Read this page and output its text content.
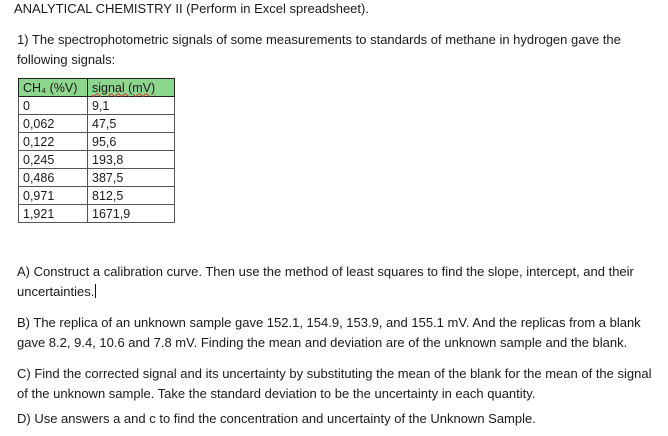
ANALYTICAL CHEMISTRY II (Perform in Excel spreadsheet).
1) The spectrophotometric signals of some measurements to standards of methane in hydrogen gave the following signals:
CH₄ (%V)	signal (mV)
0	9,1
0,062	47,5
0,122	95,6
0,245	193,8
0,486	387,5
0,971	812,5
1,921	1671,9
A) Construct a calibration curve. Then use the method of least squares to find the slope, intercept, and their uncertainties.
B) The replica of an unknown sample gave 152.1, 154.9, 153.9, and 155.1 mV. And the replicas from a blank gave 8.2, 9.4, 10.6 and 7.8 mV. Finding the mean and deviation are of the unknown sample and the blank.
C) Find the corrected signal and its uncertainty by substituting the mean of the blank for the mean of the signal of the unknown sample. Take the standard deviation to be the uncertainty in each quantity.
D) Use answers a and c to find the concentration and uncertainty of the Unknown Sample.
